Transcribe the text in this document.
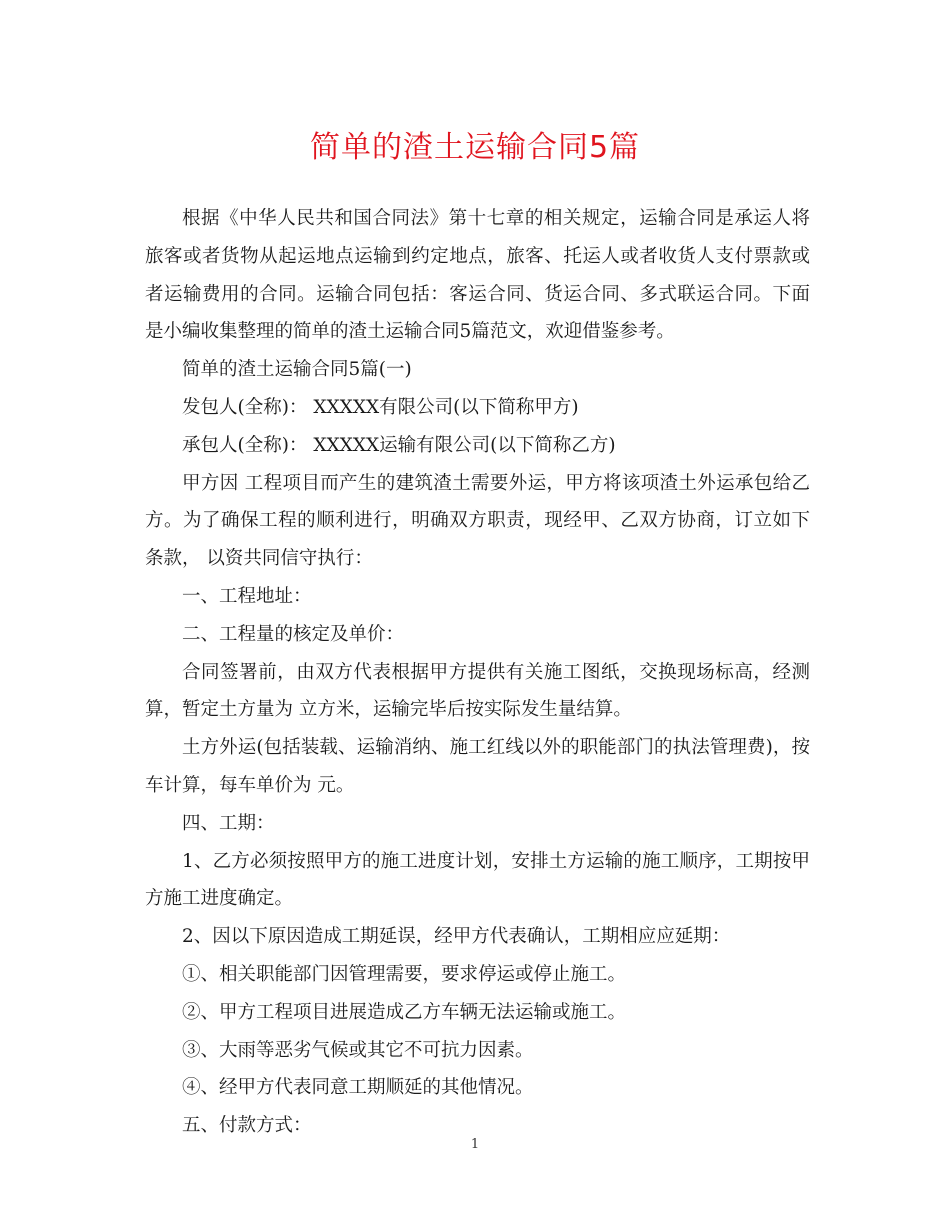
简单的渣土运输合同5篇

根据《中华人民共和国合同法》第十七章的相关规定，运输合同是承运人将旅客或者货物从起运地点运输到约定地点，旅客、托运人或者收货人支付票款或者运输费用的合同。运输合同包括：客运合同、货运合同、多式联运合同。下面是小编收集整理的简单的渣土运输合同5篇范文，欢迎借鉴参考。

简单的渣土运输合同5篇(一)

发包人(全称)： XXXXX有限公司(以下简称甲方)

承包人(全称)： XXXXX运输有限公司(以下简称乙方)

甲方因 工程项目而产生的建筑渣土需要外运，甲方将该项渣土外运承包给乙方。为了确保工程的顺利进行，明确双方职责，现经甲、乙双方协商，订立如下条款， 以资共同信守执行：

一、工程地址：

二、工程量的核定及单价：

合同签署前，由双方代表根据甲方提供有关施工图纸，交换现场标高，经测算，暂定土方量为 立方米，运输完毕后按实际发生量结算。

土方外运(包括装载、运输消纳、施工红线以外的职能部门的执法管理费)，按车计算，每车单价为 元。

四、工期：

1、乙方必须按照甲方的施工进度计划，安排土方运输的施工顺序，工期按甲方施工进度确定。

2、因以下原因造成工期延误，经甲方代表确认，工期相应应延期：

①、相关职能部门因管理需要，要求停运或停止施工。

②、甲方工程项目进展造成乙方车辆无法运输或施工。

③、大雨等恶劣气候或其它不可抗力因素。

④、经甲方代表同意工期顺延的其他情况。

五、付款方式：

1
